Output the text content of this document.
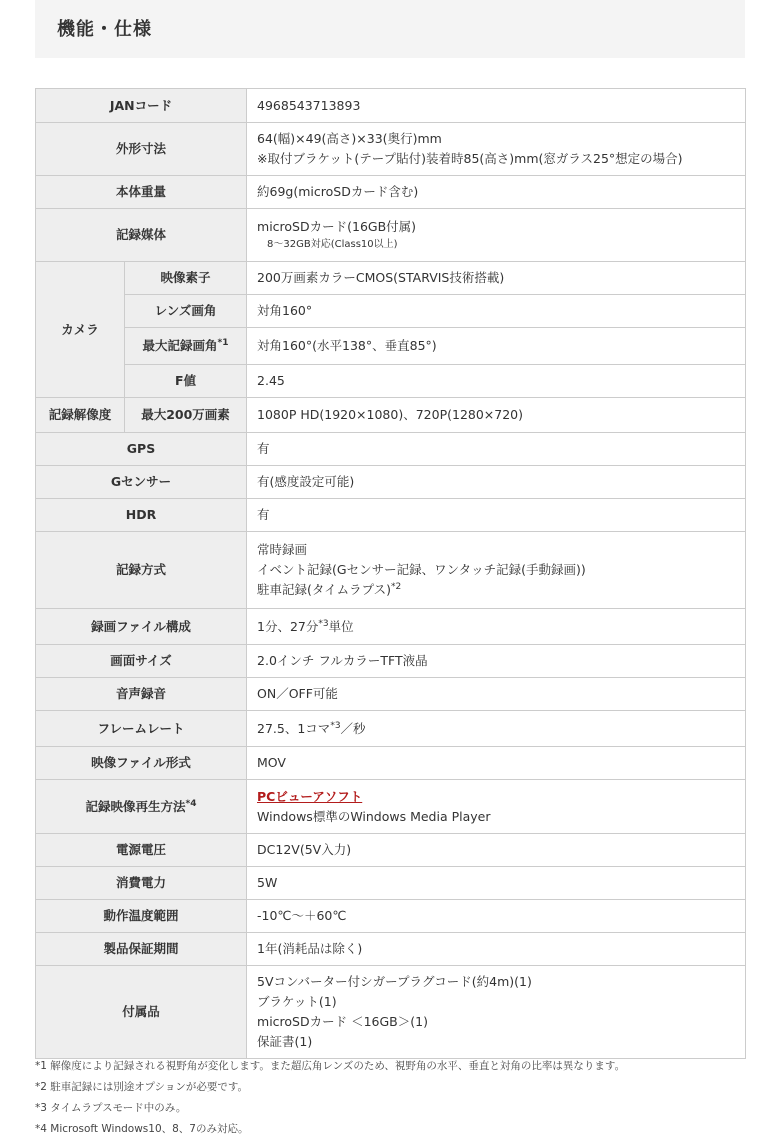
機能・仕様
JANコード		4968543713893
外形寸法		64(幅)×49(高さ)×33(奥行)mm
※取付ブラケット(テープ貼付)装着時85(高さ)mm(窓ガラス25°想定の場合)

本体重量		約69g(microSDカード含む)
記録媒体		microSDカード(16GB付属)
8～32GB対応(Class10以上)

カメラ	映像素子	200万画素カラーCMOS(STARVIS技術搭載)
	レンズ画角	対角160°
	最大記録画角$^{*1}$	対角160°(水平138°、垂直85°)
	F値	2.45
記録解像度	最大200万画素	1080P HD(1920×1080)、720P(1280×720)
GPS		有
Gセンサー		有(感度設定可能)
HDR		有
記録方式		常時録画
イベント記録(Gセンサー記録、ワンタッチ記録(手動録画))
駐車記録(タイムラプス)$^{*2}$

録画ファイル構成		1分、27分$^{*3}$単位
画面サイズ		2.0インチ フルカラーTFT液晶
音声録音		ON／OFF可能
フレームレート		27.5、1コマ$^{*3}$／秒
映像ファイル形式		MOV
記録映像再生方法$^{*4}$		PCビューアソフト
Windows標準のWindows Media Player

電源電圧		DC12V(5V入力)
消費電力		5W
動作温度範囲		-10℃～＋60℃
製品保証期間		1年(消耗品は除く)
付属品		5Vコンバーター付シガープラグコード(約4m)(1)
ブラケット(1)
microSDカード ＜16GB＞(1)
保証書(1)
*1 解像度により記録される視野角が変化します。また超広角レンズのため、視野角の水平、垂直と対角の比率は異なります。
*2 駐車記録には別途オプションが必要です。
*3 タイムラプスモード中のみ。
*4 Microsoft Windows10、8、7のみ対応。
